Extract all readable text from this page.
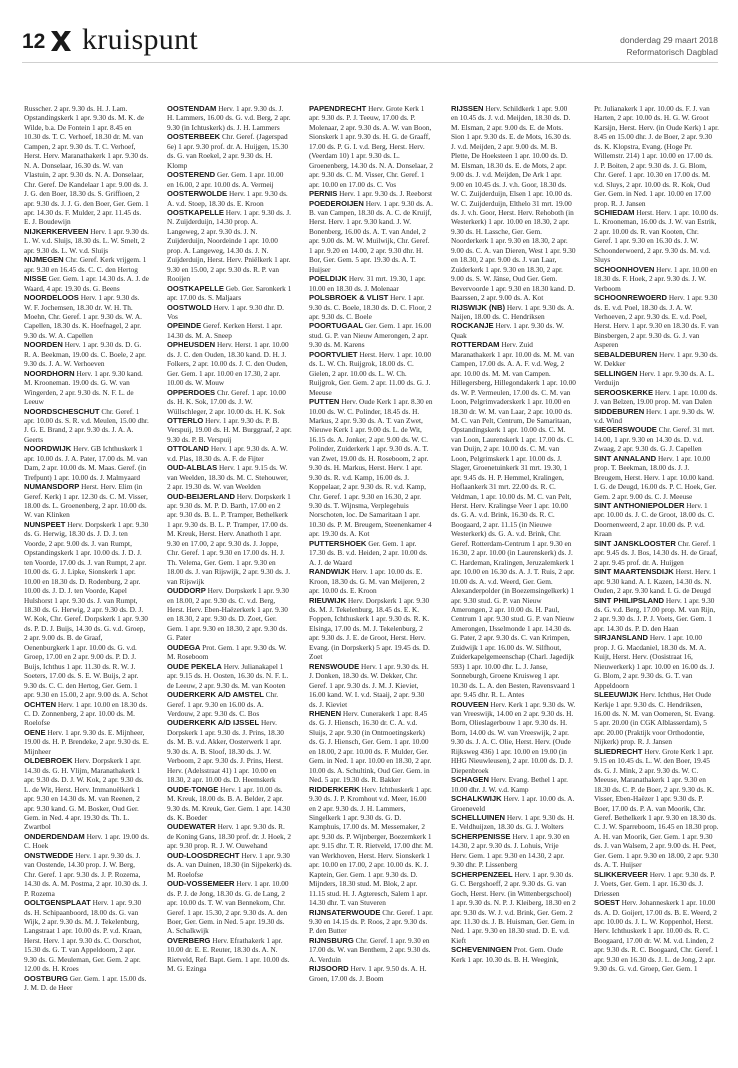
12 kruispunt	donderdag 29 maart 2018
Reformatorisch Dagblad

Russcher. 2 apr. 9.30 ds. H. J. Lam. Opstandingskerk 1 apr. 9.30 ds. M. K. de Wilde, b.a. De Fontein 1 apr. 8.45 en 10.30 ds. T. C. Verhoef, 18.30 dr. M. van Campen, 2 apr. 9.30 ds. T. C. Verhoef, Herst. Herv. Maranathakerk 1 apr. 9.30 ds. N. A. Donselaar, 16.30 ds. W. van Vlastuin, 2 apr. 9.30 ds. N. A. Donselaar, Chr. Geref. De Kandelaar 1 apr. 9.00 ds. J. J. G. den Boer, 18.30 ds. S. Griffioen, 2 apr. 9.30 ds. J. J. G. den Boer, Ger. Gem. 1 apr. 14.30 ds. F. Mulder, 2 apr. 11.45 ds. E. J. Boudewijn

NIJKERKERVEEN Herv. 1 apr. 9.30 ds. L. W. v.d. Sluijs, 18.30 ds. L. W. Smelt, 2 apr. 9.30 ds. L. W. v.d. Sluijs

NIJMEGEN Chr. Geref. Kerk vrijgem. 1 apr. 9.30 en 16.45 ds. C. C. den Hertog

NISSE Ger. Gem. 1 apr. 14.30 ds. A. J. de Waard, 4 apr. 19.30 ds. G. Beens

NOORDELOOS Herv. 1 apr. 9.30 ds. W. F. Jochemsen, 18.30 dr. W. H. Th. Moehn, Chr. Geref. 1 apr. 9.30 ds. W. A. Capellen, 18.30 ds. K. Hoefnagel, 2 apr. 9.30 ds. W. A. Capellen

NOORDEN Herv. 1 apr. 9.30 ds. D. G. R. A. Beekman, 19.00 ds. C. Boele, 2 apr. 9.30 ds. J. A. W. Verhoeven

NOORDHORN Herv. 1 apr. 9.30 kand. M. Krooneman. 19.00 ds. G. W. van Wingerden, 2 apr. 9.30 ds. N. F. L. de Leeuw

NOORDSCHESCHUT Chr. Geref. 1 apr. 10.00 ds. S. R. v.d. Meulen, 15.00 dhr. J. G. E. Brand, 2 apr. 9.30 ds. J. A. A. Geerts

NOORDWIJK Herv. GB Ichthuskerk 1 apr. 10.00 ds. J. A. Pater, 17.00 ds. M. van Dam, 2 apr. 10.00 ds. M. Maas. Geref. (in Trefpunt) 1 apr. 10.00 ds. J. Malmyaard

NUMANSDORP Herst. Herv. Elim (in Geref. Kerk) 1 apr. 12.30 ds. C. M. Visser, 18.00 ds. L. Groenenberg, 2 apr. 10.00 ds. W. van Klinken

NUNSPEET Herv. Dorpskerk 1 apr. 9.30 ds. G. Herwig, 18.30 ds. J. D. J. ten Voorde, 2 apr. 9.00 ds. J. van Rumpt, Opstandingskerk 1 apr. 10.00 ds. J. D. J. ten Voorde, 17.00 ds. J. van Rumpt, 2 apr. 10.00 ds. G. J. Lipke, Sionskerk 1 apr. 10.00 en 18.30 ds. D. Rodenburg, 2 apr. 10.00 ds. J. D. J. ten Voorde, Kapel Hulshorst 1 apr. 9.30 ds. J. van Rumpt, 18.30 ds. G. Herwig, 2 apr. 9.30 ds. D. J. W. Kok, Chr. Geref. Dorpskerk 1 apr. 9.30 ds. P. D. J. Buijs, 14.30 ds. G. v.d. Groep, 2 apr. 9.00 ds. B. de Graaf, Oenenburgkerk 1 apr. 10.00 ds. G. v.d. Groep, 17.00 en 2 apr. 9.00 ds. P. D. J. Buijs, Ichthus 1 apr. 11.30 ds. R. W. J. Soeters, 17.00 ds. S. E. W. Buijs, 2 apr. 9.30 ds. C. C. den Hertog, Ger. Gem. 1 apr. 9.30 en 15.00, 2 apr. 9.00 ds. A. Schot

OCHTEN Herv. 1 apr. 10.00 en 18.30 ds. C. D. Zonnenberg, 2 apr. 10.00 ds. M. Roelofse

OENE Herv. 1 apr. 9.30 ds. E. Mijnheer, 19.00 ds. H. P. Brendeke, 2 apr. 9.30 ds. E. Mijnheer

OLDEBROEK Herv. Dorpskerk 1 apr. 14.30 ds. G. H. Vlijm, Maranathakerk 1 apr. 9.30 ds. D. J. W. Kok, 2 apr. 9.30 ds. L. de Wit, Herst. Herv. Immanuëlkerk 1 apr. 9.30 en 14.30 ds. M. van Reenen, 2 apr. 9.30 kand. G. M. Bosker, Oud Ger. Gem. in Ned. 4 apr. 19.30 ds. Th. L. Zwartbol

ONDERDENDAM Herv. 1 apr. 19.00 ds. C. Hoek

ONSTWEDDE Herv. 1 apr. 9.30 ds. J. van Oostende, 14.30 prop. J. W. Berg, Chr. Geref. 1 apr. 9.30 ds. J. P. Rozema, 14.30 ds. A. M. Postma, 2 apr. 10.30 ds. J. P. Rozema

OOLTGENSPLAAT Herv. 1 apr. 9.30 ds. H. Schipaanboord, 18.00 ds. G. van Wijk, 2 apr. 9.30 ds. M. J. Tekelenburg, Langstraat 1 apr. 10.00 ds. P. v.d. Kraan, Herst. Herv. 1 apr. 9.30 ds. C. Oorschot, 15.30 ds. G. T. van Appeldoorn, 2 apr. 9.30 ds. G. Meuleman, Ger. Gem. 2 apr. 12.00 ds. H. Kroes

OOSTBURG Ger. Gem. 1 apr. 15.00 ds. J. M. D. de Heer

OOSTENDAM Herv. 1 apr. 9.30 ds. J. H. Lammers, 16.00 ds. G. v.d. Berg, 2 apr. 9.30 (in Ichtuskerk) ds. J. H. Lammers

OOSTERBEEK Chr. Geref. (Jagerspad 6e) 1 apr. 9.30 prof. dr. A. Huijgen, 15.30 ds. G. van Roekel, 2 apr. 9.30 ds. H. Klomp

OOSTEREND Ger. Gem. 1 apr. 10.00 en 16.00, 2 apr. 10.00 ds. A. Vermeij

OOSTERWOLDE Herv. 1 apr. 9.30 ds. A. v.d. Stoep, 18.30 ds. E. Kroon

OOSTKAPELLE Herv. 1 apr. 9.30 ds. J. N. Zuijderduijn, 14.30 prop. A. Langeweg, 2 apr. 9.30 ds. J. N. Zuijderduijn, Noordeinde 1 apr. 10.00 prop. A. Langeweg, 14.30 ds. J. N. Zuijderduijn, Herst. Herv. Pniëlkerk 1 apr. 9.30 en 15.00, 2 apr. 9.30 ds. R. P. van Rooijen

OOSTKAPELLE Geb. Ger. Saronkerk 1 apr. 17.00 ds. S. Maljaars

OOSTWOLD Herv. 1 apr. 9.30 dhr. D. Vos

OPEINDE Geref. Kerken Herst. 1 apr. 14.30 ds. M. A. Sneep

OPHEUSDEN Herv. Herst. 1 apr. 10.00 ds. J. C. den Ouden, 18.30 kand. D. H. J. Folkers, 2 apr. 10.00 ds. J. C. den Ouden, Ger. Gem. 1 apr. 10.00 en 17.30, 2 apr. 10.00 ds. W. Mouw

OPPERDOES Chr. Geref. 1 apr. 10.00 ds. H. K. Sok, 17.00 ds. J. W. Wüllschleger, 2 apr. 10.00 ds. H. K. Sok

OTTERLO Herv. 1 apr. 9.30 ds. P. B. Verspuij, 19.00 ds. H. M. Burggraaf, 2 apr. 9.30 ds. P. B. Verspuij

OTTOLAND Herv. 1 apr. 9.30 ds. A. W. v.d. Plas, 18.30 ds. A. F. de Fijter

OUD-ALBLAS Herv. 1 apr. 9.15 ds. W. van Weelden, 18.30 ds. M. C. Stehouwer, 2 apr. 19.30 ds. W. van Weelden

OUD-BEIJERLAND Herv. Dorpskerk 1 apr. 9.30 ds. M. P. D. Barth, 17.00 en 2 apr. 9.30 ds. B. L. P. Tramper, Bethelkerk 1 apr. 9.30 ds. B. L. P. Tramper, 17.00 ds. M. Kreuk, Herst. Herv. Anathoth 1 apr. 9.30 en 17.00, 2 apr. 9.30 ds. J. Joppe, Chr. Geref. 1 apr. 9.30 en 17.00 ds. H. J. Th. Velema, Ger. Gem. 1 apr. 9.30 en 18.00 ds. J. van Rijswijk, 2 apr. 9.30 ds. J. van Rijswijk

OUDDORP Herv. Dorpskerk 1 apr. 9.30 en 18.00, 2 apr. 9.30 ds. C. v.d. Berg, Herst. Herv. Eben-Haëzerkerk 1 apr. 9.30 en 18.30, 2 apr. 9.30 ds. D. Zoet, Ger. Gem. 1 apr. 9.30 en 18.30, 2 apr. 9.30 ds. G. Pater

OUDEGA Prot. Gem. 1 apr. 9.30 ds. W. M. Roseboom

OUDE PEKELA Herv. Julianakapel 1 apr. 9.15 ds. H. Oosten, 16.30 ds. N. F. L. de Leeuw, 2 apr. 9.30 ds. M. van Kooten

OUDERKERK A/D AMSTEL Chr. Geref. 1 apr. 9.30 en 16.00 ds. A. Verdouw, 2 apr. 9.30 ds. C. Bos

OUDERKERK A/D IJSSEL Herv. Dorpskerk 1 apr. 9.30 ds. J. Prins, 18.30 ds. M. B. v.d. Akker, Oosterwerk 1 apr. 9.30 ds. A. B. Sloof, 18.30 ds. J. W. Verboom, 2 apr. 9.30 ds. J. Prins, Herst. Herv. (Adelsstraat 41) 1 apr. 10.00 en 18.30, 2 apr. 10.00 ds. D. Heemskerk

OUDE-TONGE Herv. 1 apr. 10.00 ds. M. Kreuk, 18.00 ds. B. A. Belder, 2 apr. 9.30 ds. M. Kreuk, Ger. Gem. 1 apr. 14.30 ds. K. Boeder

OUDEWATER Herv. 1 apr. 9.30 ds. R. de Koning Gans, 18.30 prof. dr. J. Hoek, 2 apr. 9.30 prop. R. J. W. Ouwehand

OUD-LOOSDRECHT Herv. 1 apr. 9.30 ds. A. van Duinen, 18.30 (in Sijpekerk) ds. M. Roelofse

OUD-VOSSEMEER Herv. 1 apr. 10.00 ds. P. J. de Jong, 18.30 ds. G. de Lang, 2 apr. 10.00 ds. T. W. van Bennekom, Chr. Geref. 1 apr. 15.30, 2 apr. 9.30 ds. A. den Boer, Ger. Gem. in Ned. 5 apr. 19.30 ds. A. Schalkwijk

OVERBERG Herv. Efrathakerk 1 apr. 10.00 dr. E. E. Reuter, 18.30 ds. A. N. Rietveld, Ref. Bapt. Gem. 1 apr. 10.00 ds. M. G. Ezinga

PAPENDRECHT Herv. Grote Kerk 1 apr. 9.30 ds. P. J. Teeuw, 17.00 ds. P. Molenaar, 2 apr. 9.30 ds. A. W. van Boon, Sionskerk 1 apr. 9.30 ds. H. G. de Graaff, 17.00 ds. P. G. I. v.d. Berg, Herst. Herv. (Veerdam 10) 1 apr. 9.30 ds. L. Groenenberg, 14.30 ds. N. A. Donselaar, 2 apr. 9.30 ds. C. M. Visser, Chr. Geref. 1 apr. 10.00 en 17.00 ds. C. Vos

PERNIS Herv. 1 apr. 9.30 ds. J. Reeborst

POEDEROIJEN Herv. 1 apr. 9.30 ds. A. B. van Campen, 18.30 ds. A. C. de Kruijf, Herst. Herv. 1 apr. 9.30 kand. J. W. Bonenberg, 16.00 ds. A. T. van Andel, 2 apr. 9.00 ds. M. W. Muilwijk, Chr. Geref. 1 apr. 9.20 en 14.00, 2 apr. 9.30 dhr. H. Bor, Ger. Gem. 5 apr. 19.30 ds. A. T. Huijser

POELDIJK Herv. 31 mrt. 19.30, 1 apr. 10.00 en 18.30 ds. J. Molenaar

POLSBROEK & VLIST Herv. 1 apr. 9.30 ds. C. Boele, 18.30 ds. D. C. Floor, 2 apr. 9.30 ds. C. Boele

POORTUGAAL Ger. Gem. 1 apr. 16.00 stud. G. P. van Nieuw Amerongen, 2 apr. 9.30 ds. M. Karens

POORTVLIET Herst. Herv. 1 apr. 10.00 ds. L. W. Ch. Ruijgrok, 18.00 ds. C. Gielen, 2 apr. 10.00 ds. L. W. Ch. Ruijgrok, Ger. Gem. 2 apr. 11.00 ds. G. J. Meeuse

PUTTEN Herv. Oude Kerk 1 apr. 8.30 en 10.00 ds. W. C. Polinder, 18.45 ds. H. Markus, 2 apr. 9.30 ds. A. T. van Zwet, Nieuwe Kerk 1 apr. 9.00 ds. L. de Wit, 16.15 ds. A. Jonker, 2 apr. 9.00 ds. W. C. Polinder, Zuiderkerk 1 apr. 9.30 ds. A. T. van Zwet, 19.00 ds. H. Roseboom, 2 apr. 9.30 ds. H. Markus, Herst. Herv. 1 apr. 9.30 ds. R. v.d. Kamp, 16.00 ds. J. Koppelaar, 2 apr. 9.30 ds. R. v.d. Kamp, Chr. Geref. 1 apr. 9.30 en 16.30, 2 apr. 9.30 ds. T. Wijnsma, Verplegehuis Norschoten, loc. De Samaritaan 1 apr. 10.30 ds. P. M. Breugem, Steenenkamer 4 apr. 19.30 ds. A. Kot

PUTTERSHOEK Ger. Gem. 1 apr. 17.30 ds. B. v.d. Heiden, 2 apr. 10.00 ds. A. J. de Waard

RANDWIJK Herv. 1 apr. 10.00 ds. E. Kroon, 18.30 ds. G. M. van Meijeren, 2 apr. 10.00 ds. E. Kroon

RIEUWIJK Herv. Dorpskerk 1 apr. 9.30 ds. M. J. Tekelenburg, 18.45 ds. E. K. Foppen, Ichthuskerk 1 apr. 9.30 ds. R. K. Elsinga, 17.00 ds. M. J. Tekelenburg, 2 apr. 9.30 ds. J. E. de Groot, Herst. Herv. Evang. (in Dorpskerk) 5 apr. 19.45 ds. D. Zoet

RENSWOUDE Herv. 1 apr. 9.30 ds. H. J. Donken, 18.30 ds. W. Dekker, Chr. Geref. 1 apr. 9.30 ds. J. M. J. Kieviet, 16.00 kand. W. I. v.d. Staaij, 2 apr. 9.30 ds. J. Kieviet

RHENEN Herv. Cunerakerk 1 apr. 8.45 ds. G. J. Hiensch, 16.30 dr. C. A. v.d. Sluijs, 2 apr. 9.30 (in Ontmoetingskerk) ds. G. J. Hiensch, Ger. Gem. 1 apr. 10.00 en 18.00, 2 apr. 10.00 ds. F. Mulder, Ger. Gem. in Ned. 1 apr. 10.00 en 18.30, 2 apr. 10.00 ds. A. Schultink, Oud Ger. Gem. in Ned. 5 apr. 19.30 ds. R. Bakker

RIDDERKERK Herv. Ichthuskerk 1 apr. 9.30 ds. J. P. Kromhout v.d. Meer, 16.00 en 2 apr. 9.30 ds. J. H. Lammers, Singelkerk 1 apr. 9.30 ds. G. D. Kamphuis, 17.00 ds. M. Messemaker, 2 apr. 9.30 ds. P. Wijnberger, Boezemkerk 1 apr. 9.15 dhr. T. R. Rietveld, 17.00 dhr. M. van Werkhoven, Herst. Herv. Sionskerk 1 apr. 10.00 en 17.00, 2 apr. 10.00 ds. K. J. Kaptein, Ger. Gem. 1 apr. 9.30 ds. D. Mijnders, 18.30 stud. M. Blok, 2 apr. 11.15 stud. H. J. Agteresch, Salem 1 apr. 14.30 dhr. T. van Stuveren

RIJNSATERWOUDE Chr. Geref. 1 apr. 9.30 en 14.15 ds. P. Roos, 2 apr. 9.30 ds. P. den Butter

RIJNSBURG Chr. Geref. 1 apr. 9.30 en 17.00 ds. W. van Benthem, 2 apr. 9.30 ds. A. Verduin

RIJSOORD Herv. 1 apr. 9.50 ds. A. H. Groen, 17.00 ds. J. Boom

RIJSSEN Herv. Schildkerk 1 apr. 9.00 en 10.45 ds. J. v.d. Meijden, 18.30 ds. D. M. Elsman, 2 apr. 9.00 ds. E. de Mots. Sion 1 apr. 9.30 ds. E. de Mots, 16.30 ds. J. v.d. Meijden, 2 apr. 9.00 ds. M. B. Plette, De Hoeksteen 1 apr. 10.00 ds. D. M. Elsman, 18.30 ds. E. de Mots, 2 apr. 9.00 ds. J. v.d. Meijden, De Ark 1 apr. 9.00 en 10.45 ds. J. v.h. Goor, 18.30 ds. W. C. Zuijderduijn, Elsen 1 apr. 10.00 ds. W. C. Zuijderduijn, Elthelo 31 mrt. 19.00 ds. J. v.h. Goor, Herst. Herv. Rehoboth (in Westerkerk) 1 apr. 10.00 en 18.30, 2 apr. 9.30 ds. H. Lassche, Ger. Gem. Noorderkerk 1 apr. 9.30 en 18.30, 2 apr. 9.00 ds. C. A. van Dieren, West 1 apr. 9.30 en 18.30, 2 apr. 9.00 ds. J. van Laar, Zuiderkerk 1 apr. 9.30 en 18.30, 2 apr. 9.00 ds. S. W. Jänse, Oud Ger. Gem. Bevervoorde 1 apr. 9.30 en 18.30 kand. D. Baarssen, 2 apr. 9.00 ds. A. Kot

RIJSWIJK (NB) Herv. 1 apr. 9.30 ds. A. Naijen, 18.00 ds. C. Hendriksen

ROCKANJE Herv. 1 apr. 9.30 ds. W. Quak

ROTTERDAM Herv. Zuid Maranathakerk 1 apr. 10.00 ds. M. M. van Campen, 17.00 ds. A. A. F. v.d. Weg, 2 apr. 10.00 ds. M. M. van Campen. Hillegersberg, Hillegondakerk 1 apr. 10.00 ds. W. P. Vermeulen, 17.00 ds. C. M. van Loon, Pelgrimvaderskerk 1 apr. 10.00 en 18.30 dr. W. M. van Laar, 2 apr. 10.00 ds. M. C. van Pelt, Centrum, De Samaritaan, Opstandingskerk 1 apr. 10.00 ds. C. M. van Loon, Laurenskerk 1 apr. 17.00 ds. C. van Duijn, 2 apr. 10.00 ds. C. M. van Loon, Pelgrimskerk 1 apr. 10.00 ds. J. Slager, Groenetuinkerk 31 mrt. 19.30, 1 apr. 9.45 ds. H. P. Hemmel, Kralingen, Hoflaankerk 31 mrt. 22.00 ds. R. C. Veldman, 1 apr. 10.00 ds. M. C. van Pelt, Herst. Herv. Kralingse Veer 1 apr. 10.00 ds. G. A. v.d. Brink, 16.30 ds. R. C. Boogaard, 2 apr. 11.15 (in Nieuwe Westerkerk) ds. G. A. v.d. Brink, Chr. Geref. Rotterdam-Centrum 1 apr. 9.30 en 16.30, 2 apr. 10.00 (in Laurenskerk) ds. J. C. Hardeman, Kralingen, Jeruzalemkerk 1 apr. 10.00 en 16.30 ds. A. J. T. Ruis, 2 apr. 10.00 ds. A. v.d. Weerd, Ger. Gem. Alexanderpolder (in Boezemsingelkerk) 1 apr. 9.30 stud. G. P. van Nieuw Amerongen, 2 apr. 10.00 ds. H. Paul, Centrum 1 apr. 9.30 stud. G. P. van Nieuw Amerongen, IJsselmonde 1 apr. 14.30 ds. G. Pater, 2 apr. 9.30 ds. C. van Krimpen, Zuidwijk 1 apr. 16.00 ds. W. Silfhout, Zuiderkapelgemeenschap (Charl. Jagedijk 593) 1 apr. 10.00 dhr. L. J. Janse, Sonneburgh, Groene Kruisweg 1 apr. 10.30 ds. L. A. den Besten, Ravensvaard 1 apr. 9.45 dhr. R. L. Antes

ROUVEEN Herv. Kerk 1 apr. 9.30 ds. W. van Vreeswijk, 14.00 en 2 apr. 9.30 ds. H. Born, Olieslagerbouw 1 apr. 9.30 ds. H. Born, 14.00 ds. W. van Vreeswijk, 2 apr. 9.30 ds. J. A. C. Olie, Herst. Herv. (Oude Rijksweg 436) 1 apr. 10.00 en 19.00 (in HHG Nieuwleusen), 2 apr. 10.00 ds. D. J. Diepenbroek

SCHAGEN Herv. Evang. Bethel 1 apr. 10.00 dhr. J. W. v.d. Kamp

SCHALKWIJK Herv. 1 apr. 10.00 ds. A. Groeneveld

SCHELLUINEN Herv. 1 apr. 9.30 ds. H. E. Veldhuijzen, 18.30 ds. G. J. Wolters

SCHERPENISSE Herv. 1 apr. 9.30 en 14.30, 2 apr. 9.30 ds. J. Lohuis, Vrije Herv. Gem. 1 apr. 9.30 en 14.30, 2 apr. 9.30 dhr. P. Lissenberg

SCHERPENZEEL Herv. 1 apr. 9.30 ds. G. C. Bergshoeff, 2 apr. 9.30 ds. G. van Goch, Herst. Herv. (in Wittenbergschool) 1 apr. 9.30 ds. N. P. J. Kleiberg, 18.30 en 2 apr. 9.30 ds. W. J. v.d. Brink, Ger. Gem. 2 apr. 11.30 ds. J. B. Huisman, Ger. Gem. in Ned. 1 apr. 9.30 en 18.30 stud. D. E. v.d. Kieft

SCHEVENINGEN Prot. Gem. Oude Kerk 1 apr. 10.30 ds. B. H. Weegink,

Pr. Julianakerk 1 apr. 10.00 ds. F. J. van Harten, 2 apr. 10.00 ds. H. G. W. Groot Karsijn, Herst. Herv. (in Oude Kerk) 1 apr. 8.45 en 15.00 dhr. J. de Boer, 2 apr. 9.30 ds. K. Klopstra, Evang. (Hoge Pr. Willemstr. 214) 1 apr. 10.00 en 17.00 ds. J. P. Boiten, 2 apr. 9.30 ds. J. G. Blom, Chr. Geref. 1 apr. 10.30 en 17.00 ds. M. v.d. Sluys, 2 apr. 10.00 ds. R. Kok, Oud Ger. Gem. in Ned. 1 apr. 10.00 en 17.00 prop. R. J. Jansen

SCHIEDAM Herst. Herv. 1 apr. 10.00 ds. L. Krooneman, 16.00 ds. J. W. van Estrik, 2 apr. 10.00 ds. R. van Kooten, Chr. Geref. 1 apr. 9.30 en 16.30 ds. J. W. Schoonderwoerd, 2 apr. 9.30 ds. M. v.d. Sluys

SCHOONHOVEN Herv. 1 apr. 10.00 en 18.30 ds. F. Hoek, 2 apr. 9.30 ds. J. W. Verboom

SCHOONREWOERD Herv. 1 apr. 9.30 ds. E. v.d. Poel, 18.30 ds. J. A. W. Verhoeven, 2 apr. 9.30 ds. E. v.d. Poel, Herst. Herv. 1 apr. 9.30 en 18.30 ds. F. van Binsbergen, 2 apr. 9.30 ds. G. J. van Asperen

SEBALDEBUREN Herv. 1 apr. 9.30 ds. W. Dekker

SELLINGEN Herv. 1 apr. 9.30 ds. A. L. Verduijn

SEROOSKERKE Herv. 1 apr. 10.00 ds. J. van Belzen, 19.00 prop. M. van Dalen

SIDDEBUREN Herv. 1 apr. 9.30 ds. W. v.d. Wind

SIEGERSWOUDE Chr. Geref. 31 mrt. 14.00, 1 apr. 9.30 en 14.30 ds. D. v.d. Zwaag, 2 apr. 9.30 ds. G. J. Capellen

SINT ANNALAND Herv. 1 apr. 10.00 prop. T. Beekman, 18.00 ds. J. J. Breugem, Herst. Herv. 1 apr. 10.00 kand. I. G. de Deugd, 16.00 ds. P. C. Hoek, Ger. Gem. 2 apr. 9.00 ds. C. J. Meeuse

SINT ANTHONIEPOLDER Herv. 1 apr. 10.00 ds. J. C. de Groot, 18.00 ds. C. Doornenweerd, 2 apr. 10.00 ds. P. v.d. Kraan

SINT JANSKLOOSTER Chr. Geref. 1 apr. 9.45 ds. J. Bos, 14.30 ds. H. de Graaf, 2 apr. 9.45 prof. dr. A. Huijgen

SINT MAARTENSDIJK Herst. Herv. 1 apr. 9.30 kand. A. I. Kazen, 14.30 ds. N. Ouden, 2 apr. 9.30 kand. I. G. de Deugd

SINT PHILIPSLAND Herv. 1 apr. 9.30 ds. G. v.d. Berg, 17.00 prop. M. van Rijn, 2 apr. 9.30 ds. J. P. J. Voets, Ger. Gem. 1 apr. 14.30 ds. P. D. den Haan

SIRJANSLAND Herv. 1 apr. 10.00 prop. J. G. Macdaniel, 18.30 ds. M. A. Kuijt, Herst. Herv. (Oosistraat 16, Nieuwerkerk) 1 apr. 10.00 en 16.00 ds. J. G. Blom, 2 apr. 9.30 ds. G. T. van Appeldoorn

SLEEUWIJK Herv. Ichthus, Het Oude Kerkje 1 apr. 9.30 ds. C. Hendriksen, 16.00 ds. N. M. van Oomeren, St. Evang. 5 apr. 20.00 (in CGK Alblasserdam), 5 apr. 20.00 (Praktijk voor Orthodontie, Nijkerk) prop. R. J. Jansen

SLIEDRECHT Herv. Grote Kerk 1 apr. 9.15 en 10.45 ds. L. W. den Boer, 19.45 ds. G. J. Mink, 2 apr. 9.30 ds. W. C. Meeuse, Maranathakerk 1 apr. 9.30 en 18.30 ds. C. P. de Boer, 2 apr. 9.30 ds. K. Visser, Eben-Haëzer 1 apr. 9.30 ds. P. Boer, 17.00 ds. P. A. van Moorik, Chr. Geref. Bethelkerk 1 apr. 9.30 en 18.30 ds. C. J. W. Sparreboom, 16.45 en 18.30 prop. A. H. van Moorik, Ger. Gem. 1 apr. 9.30 ds. J. van Walsem, 2 apr. 9.00 ds. H. Peet, Ger. Gem. 1 apr. 9.30 en 18.00, 2 apr. 9.30 ds. A. T. Huijser

SLIKKERVEER Herv. 1 apr. 9.30 ds. P. J. Voets, Ger. Gem. 1 apr. 16.30 ds. J. Driessen

SOEST Herv. Johanneskerk 1 apr. 10.00 ds. A. D. Goijert, 17.00 ds. B. E. Weerd, 2 apr. 10.00 ds. J. L. W. Koppenhol, Herst. Herv. Ichthuskerk 1 apr. 10.00 ds. R. C. Boogaard, 17.00 dr. W. M. v.d. Linden, 2 apr. 9.30 ds. R. C. Boogaard, Chr. Geref. 1 apr. 9.30 en 16.30 ds. J. L. de Jong, 2 apr. 9.30 ds. G. v.d. Groep, Ger. Gem. 1
